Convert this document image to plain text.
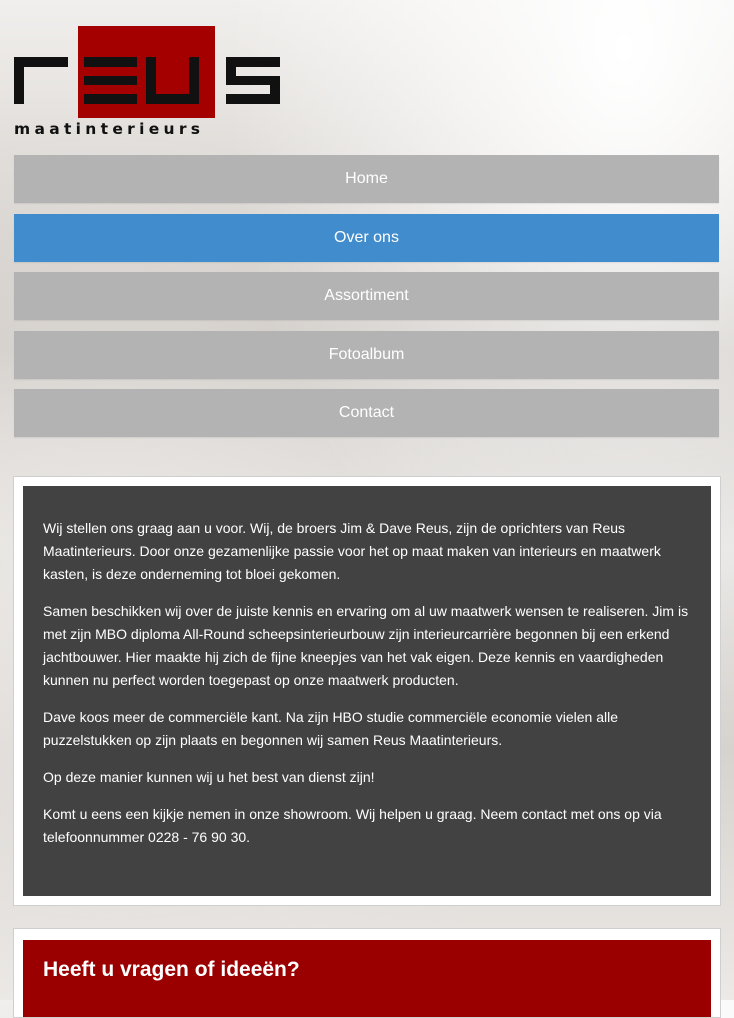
maatinterieurs
Home
Over ons
Assortiment
Fotoalbum
Contact

Wij stellen ons graag aan u voor. Wij, de broers Jim & Dave Reus, zijn de oprichters van Reus Maatinterieurs. Door onze gezamenlijke passie voor het op maat maken van interieurs en maatwerk kasten, is deze onderneming tot bloei gekomen.

Samen beschikken wij over de juiste kennis en ervaring om al uw maatwerk wensen te realiseren. Jim is met zijn MBO diploma All-Round scheepsinterieurbouw zijn interieurcarrière begonnen bij een erkend jachtbouwer. Hier maakte hij zich de fijne kneepjes van het vak eigen. Deze kennis en vaardigheden kunnen nu perfect worden toegepast op onze maatwerk producten.

Dave koos meer de commerciële kant. Na zijn HBO studie commerciële economie vielen alle puzzelstukken op zijn plaats en begonnen wij samen Reus Maatinterieurs.

Op deze manier kunnen wij u het best van dienst zijn!

Komt u eens een kijkje nemen in onze showroom. Wij helpen u graag. Neem contact met ons op via telefoonnummer 0228 - 76 90 30.

Heeft u vragen of ideeën?
